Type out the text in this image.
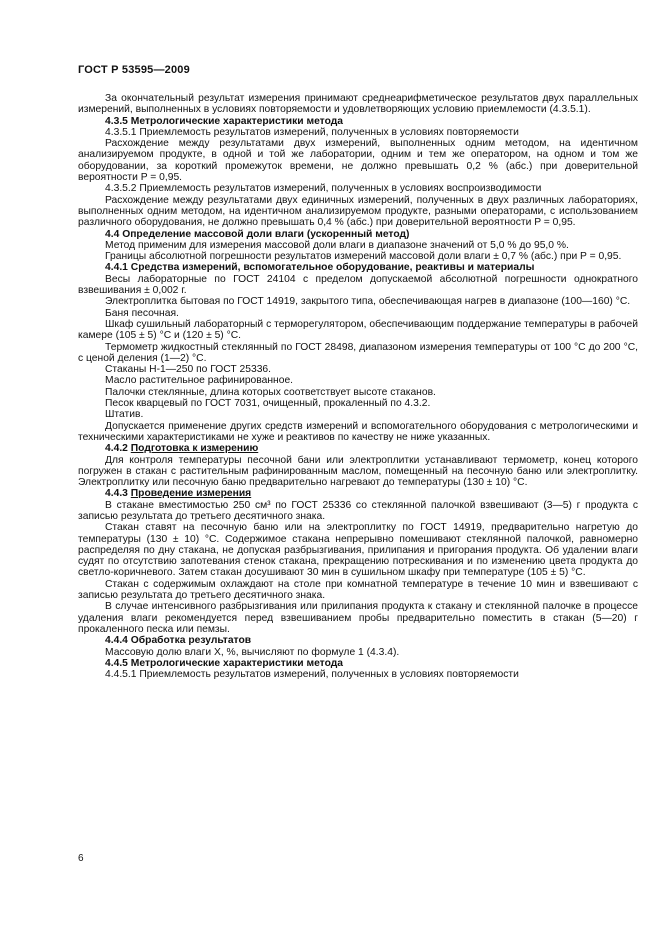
ГОСТ Р 53595—2009

За окончательный результат измерения принимают среднеарифметическое результатов двух параллельных измерений, выполненных в условиях повторяемости и удовлетворяющих условию приемлемости (4.3.5.1).

4.3.5 Метрологические характеристики метода

4.3.5.1 Приемлемость результатов измерений, полученных в условиях повторяемости

Расхождение между результатами двух измерений, выполненных одним методом, на идентичном анализируемом продукте, в одной и той же лаборатории, одним и тем же оператором, на одном и том же оборудовании, за короткий промежуток времени, не должно превышать 0,2 % (абс.) при доверительной вероятности P = 0,95.

4.3.5.2 Приемлемость результатов измерений, полученных в условиях воспроизводимости

Расхождение между результатами двух единичных измерений, полученных в двух различных лабораториях, выполненных одним методом, на идентичном анализируемом продукте, разными операторами, с использованием различного оборудования, не должно превышать 0,4 % (абс.) при доверительной вероятности P = 0,95.

4.4 Определение массовой доли влаги (ускоренный метод)

Метод применим для измерения массовой доли влаги в диапазоне значений от 5,0 % до 95,0 %.

Границы абсолютной погрешности результатов измерений массовой доли влаги ± 0,7 % (абс.) при P = 0,95.

4.4.1 Средства измерений, вспомогательное оборудование, реактивы и материалы

Весы лабораторные по ГОСТ 24104 с пределом допускаемой абсолютной погрешности однократного взвешивания ± 0,002 г.

Электроплитка бытовая по ГОСТ 14919, закрытого типа, обеспечивающая нагрев в диапазоне (100—160) °С.

Баня песочная.

Шкаф сушильный лабораторный с терморегулятором, обеспечивающим поддержание температуры в рабочей камере (105 ± 5) °С и (120 ± 5) °С.

Термометр жидкостный стеклянный по ГОСТ 28498, диапазоном измерения температуры от 100 °С до 200 °С, с ценой деления (1—2) °С.

Стаканы Н-1—250 по ГОСТ 25336.

Масло растительное рафинированное.

Палочки стеклянные, длина которых соответствует высоте стаканов.

Песок кварцевый по ГОСТ 7031, очищенный, прокаленный по 4.3.2.

Штатив.

Допускается применение других средств измерений и вспомогательного оборудования с метрологическими и техническими характеристиками не хуже и реактивов по качеству не ниже указанных.

4.4.2 Подготовка к измерению

Для контроля температуры песочной бани или электроплитки устанавливают термометр, конец которого погружен в стакан с растительным рафинированным маслом, помещенный на песочную баню или электроплитку. Электроплитку или песочную баню предварительно нагревают до температуры (130 ± 10) °С.

4.4.3 Проведение измерения

В стакане вместимостью 250 см³ по ГОСТ 25336 со стеклянной палочкой взвешивают (3—5) г продукта с записью результата до третьего десятичного знака.

Стакан ставят на песочную баню или на электроплитку по ГОСТ 14919, предварительно нагретую до температуры (130 ± 10) °С. Содержимое стакана непрерывно помешивают стеклянной палочкой, равномерно распределяя по дну стакана, не допуская разбрызгивания, прилипания и пригорания продукта. Об удалении влаги судят по отсутствию запотевания стенок стакана, прекращению потрескивания и по изменению цвета продукта до светло-коричневого. Затем стакан досушивают 30 мин в сушильном шкафу при температуре (105 ± 5) °С.

Стакан с содержимым охлаждают на столе при комнатной температуре в течение 10 мин и взвешивают с записью результата до третьего десятичного знака.

В случае интенсивного разбрызгивания или прилипания продукта к стакану и стеклянной палочке в процессе удаления влаги рекомендуется перед взвешиванием пробы предварительно поместить в стакан (5—20) г прокаленного песка или пемзы.

4.4.4 Обработка результатов

Массовую долю влаги X, %, вычисляют по формуле 1 (4.3.4).

4.4.5 Метрологические характеристики метода

4.4.5.1 Приемлемость результатов измерений, полученных в условиях повторяемости

6
